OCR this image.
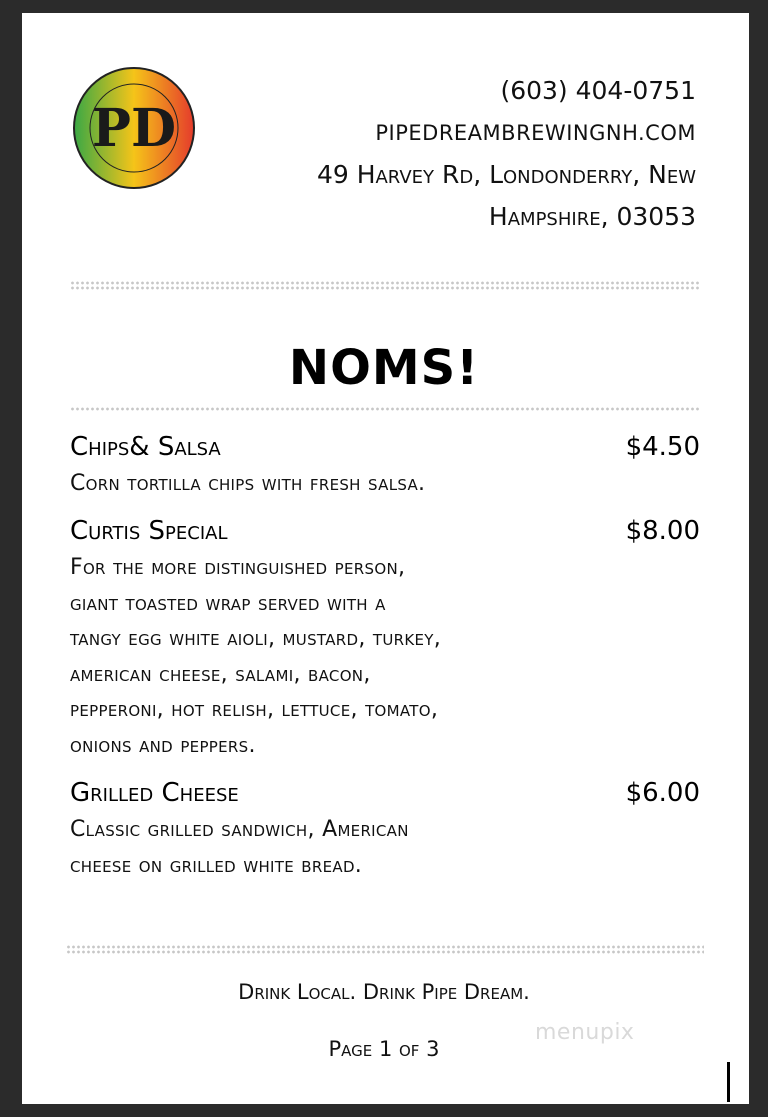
PD
(603) 404-0751
PIPEDREAMBREWINGNH.COM
49 Harvey Rd, Londonderry, New
Hampshire, 03053
NOMS!
Chips& Salsa	$4.50
Corn tortilla chips with fresh salsa.
Curtis Special	$8.00
For the more distinguished person,
giant toasted wrap served with a
tangy egg white aioli, mustard, turkey,
american cheese, salami, bacon,
pepperoni, hot relish, lettuce, tomato,
onions and peppers.
Grilled Cheese	$6.00
Classic grilled sandwich, American
cheese on grilled white bread.
Drink Local. Drink Pipe Dream.
Page 1 of 3
menupix
